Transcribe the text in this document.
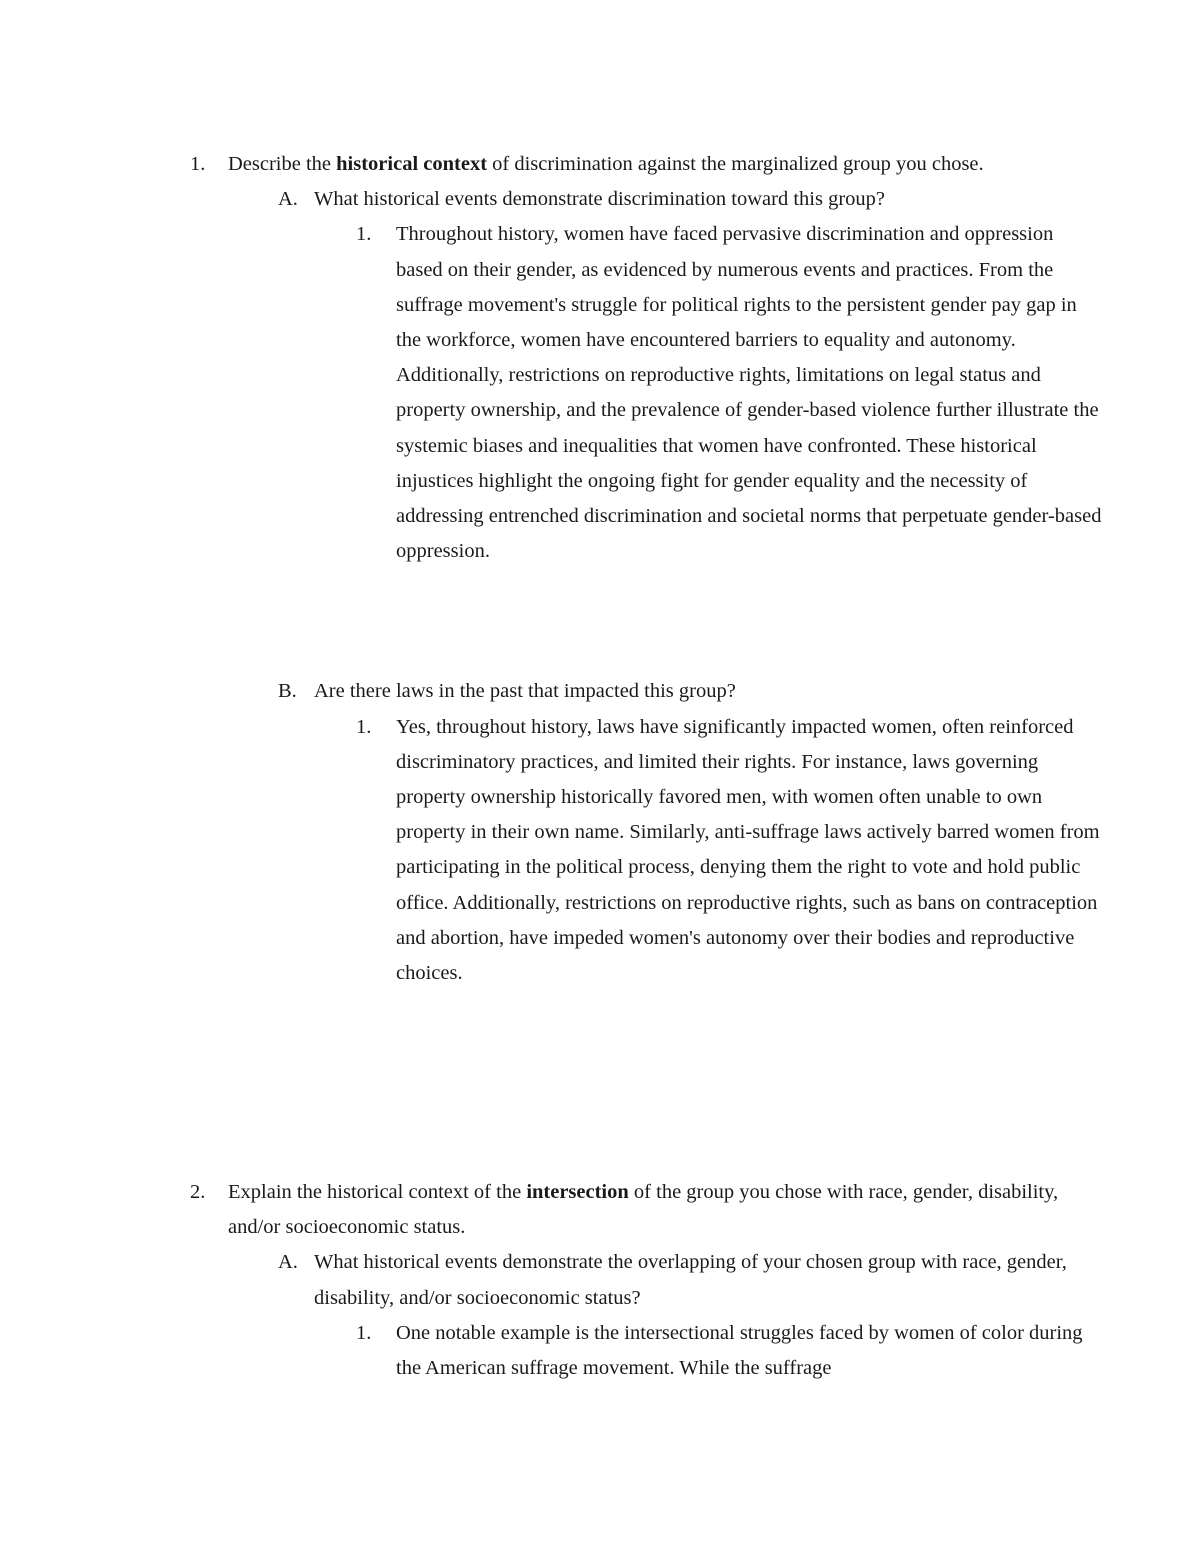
1. Describe the historical context of discrimination against the marginalized group you chose.
A. What historical events demonstrate discrimination toward this group?
1. Throughout history, women have faced pervasive discrimination and oppression based on their gender, as evidenced by numerous events and practices. From the suffrage movement's struggle for political rights to the persistent gender pay gap in the workforce, women have encountered barriers to equality and autonomy. Additionally, restrictions on reproductive rights, limitations on legal status and property ownership, and the prevalence of gender-based violence further illustrate the systemic biases and inequalities that women have confronted. These historical injustices highlight the ongoing fight for gender equality and the necessity of addressing entrenched discrimination and societal norms that perpetuate gender-based oppression.
B. Are there laws in the past that impacted this group?
1. Yes, throughout history, laws have significantly impacted women, often reinforced discriminatory practices, and limited their rights. For instance, laws governing property ownership historically favored men, with women often unable to own property in their own name. Similarly, anti-suffrage laws actively barred women from participating in the political process, denying them the right to vote and hold public office. Additionally, restrictions on reproductive rights, such as bans on contraception and abortion, have impeded women's autonomy over their bodies and reproductive choices.
2. Explain the historical context of the intersection of the group you chose with race, gender, disability, and/or socioeconomic status.
A. What historical events demonstrate the overlapping of your chosen group with race, gender, disability, and/or socioeconomic status?
1. One notable example is the intersectional struggles faced by women of color during the American suffrage movement. While the suffrage
